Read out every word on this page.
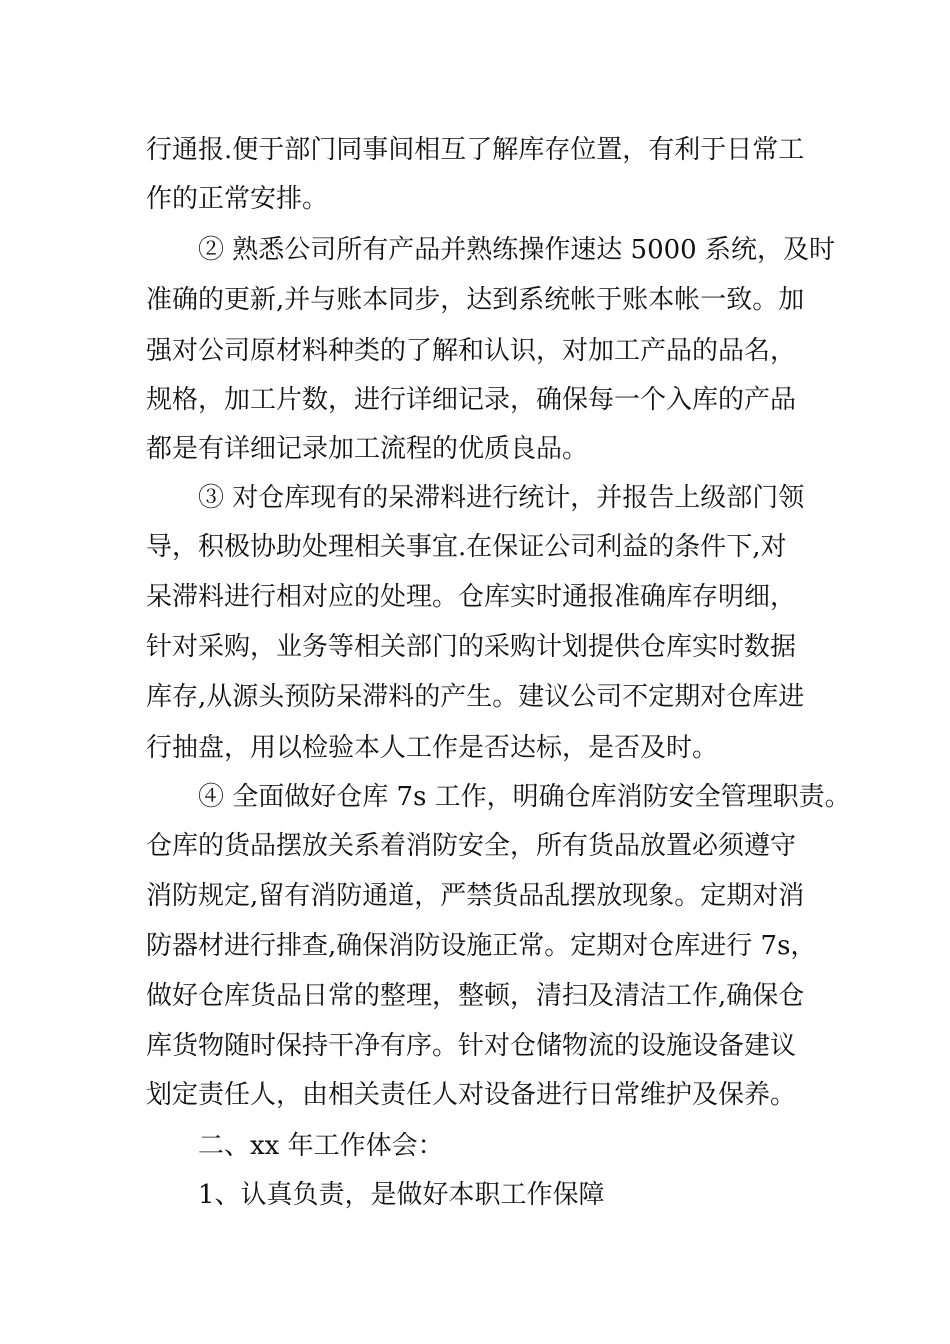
行通报.便于部门同事间相互了解库存位置，有利于日常工
作的正常安排。
② 熟悉公司所有产品并熟练操作速达 5000 系统，及时
准确的更新,并与账本同步，达到系统帐于账本帐一致。加
强对公司原材料种类的了解和认识，对加工产品的品名，
规格，加工片数，进行详细记录，确保每一个入库的产品
都是有详细记录加工流程的优质良品。
③ 对仓库现有的呆滞料进行统计，并报告上级部门领
导，积极协助处理相关事宜.在保证公司利益的条件下,对
呆滞料进行相对应的处理。仓库实时通报准确库存明细，
针对采购，业务等相关部门的采购计划提供仓库实时数据
库存,从源头预防呆滞料的产生。建议公司不定期对仓库进
行抽盘，用以检验本人工作是否达标，是否及时。
④ 全面做好仓库 7s 工作，明确仓库消防安全管理职责。
仓库的货品摆放关系着消防安全，所有货品放置必须遵守
消防规定,留有消防通道，严禁货品乱摆放现象。定期对消
防器材进行排查,确保消防设施正常。定期对仓库进行 7s，
做好仓库货品日常的整理，整顿，清扫及清洁工作,确保仓
库货物随时保持干净有序。针对仓储物流的设施设备建议
划定责任人，由相关责任人对设备进行日常维护及保养。
二、xx 年工作体会：
1、认真负责，是做好本职工作保障
